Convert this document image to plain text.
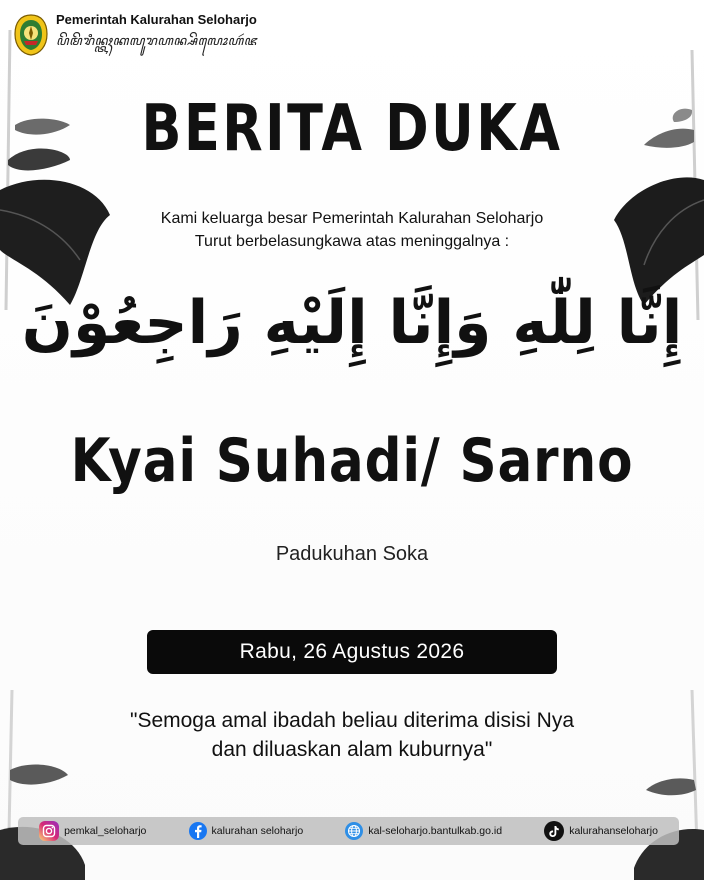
Pemerintah Kalurahan Seloharjo
ꦥꦼꦩꦼꦫꦶꦤ꧀ꦠꦃꦏꦭꦸꦫꦲꦤ꧀ꦱꦼꦭꦺꦴꦲꦂꦗ
BERITA DUKA
Kami keluarga besar Pemerintah Kalurahan Seloharjo
Turut berbelasungkawa atas meninggalnya :
إِنَّا لِلّٰهِ وَإِنَّا إِلَيْهِ رَاجِعُوْنَ
Kyai Suhadi/ Sarno
Padukuhan Soka
Rabu, 26 Agustus 2026
"Semoga amal ibadah beliau diterima disisi Nya
dan diluaskan alam kuburnya"
pemkal_seloharjo	kalurahan seloharjo	kal-seloharjo.bantulkab.go.id	kalurahanseloharjo
